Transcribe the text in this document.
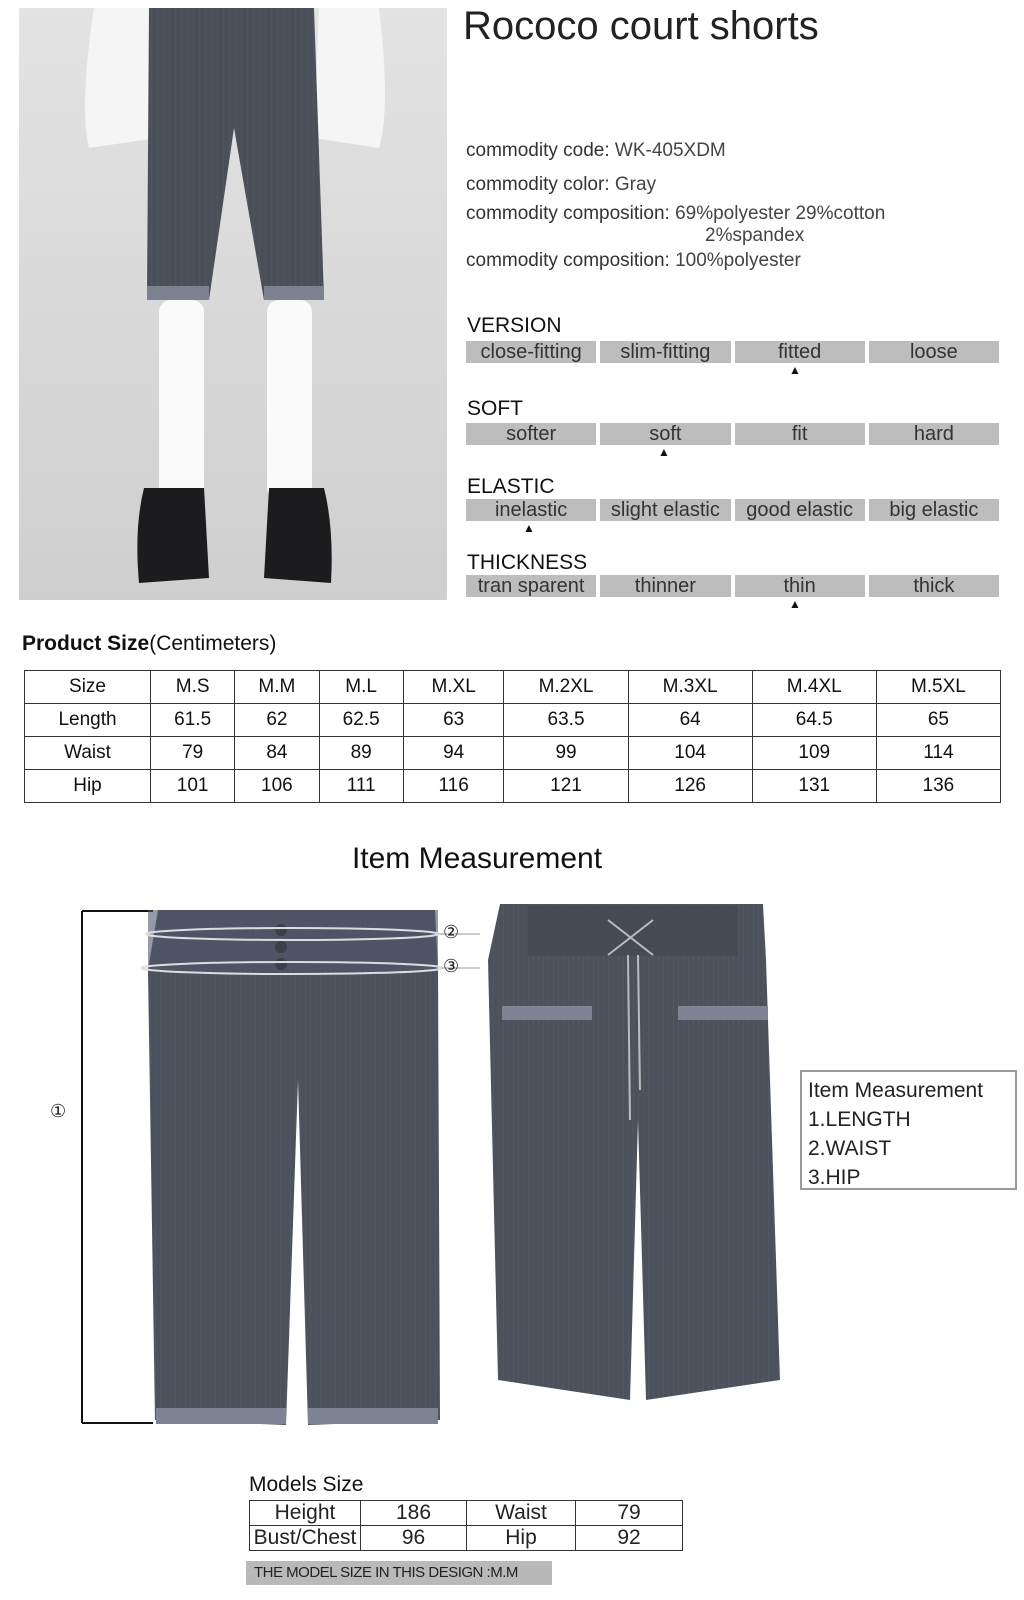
Rococo court shorts
commodity code: WK-405XDM
commodity color: Gray
commodity composition: 69%polyester 29%cotton
2%spandex
commodity composition: 100%polyester
VERSION
close-fitting	slim-fitting	fitted	loose
▲
SOFT
softer	soft	fit	hard
▲
ELASTIC
inelastic	slight elastic	good elastic	big elastic
▲
THICKNESS
tran sparent	thinner	thin	thick
▲
Product Size(Centimeters)
Size	M.S	M.M	M.L	M.XL	M.2XL	M.3XL	M.4XL	M.5XL
Length	61.5	62	62.5	63	63.5	64	64.5	65
Waist	79	84	89	94	99	104	109	114
Hip	101	106	111	116	121	126	131	136
Item Measurement
①
②
③
Item Measurement
1.LENGTH
2.WAIST
3.HIP
Models Size
Height	186	Waist	79
Bust/Chest	96	Hip	92
THE MODEL SIZE IN THIS DESIGN :M.M
